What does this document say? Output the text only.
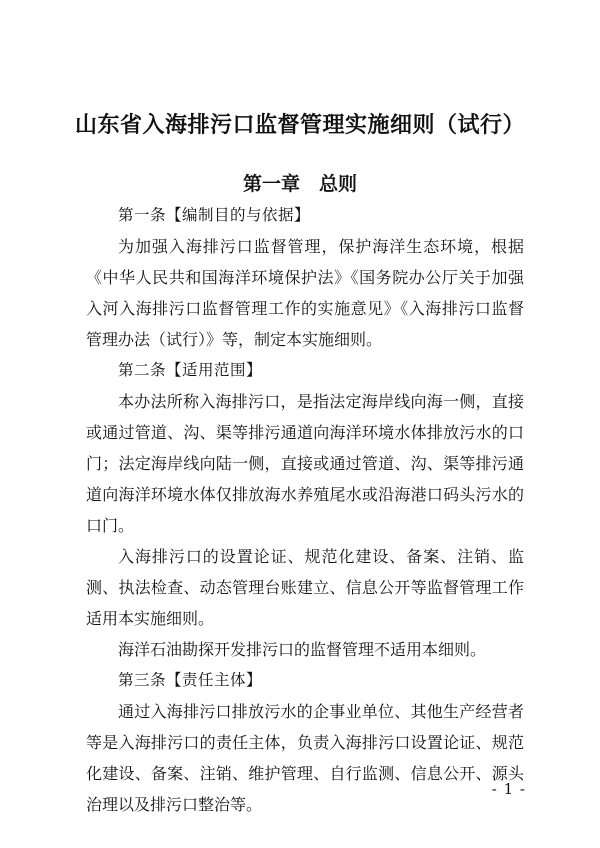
山东省入海排污口监督管理实施细则（试行）
第一章　总则

第一条【编制目的与依据】

为加强入海排污口监督管理，保护海洋生态环境，根据《中华人民共和国海洋环境保护法》《国务院办公厅关于加强入河入海排污口监督管理工作的实施意见》《入海排污口监督管理办法（试行）》等，制定本实施细则。

第二条【适用范围】

本办法所称入海排污口，是指法定海岸线向海一侧，直接或通过管道、沟、渠等排污通道向海洋环境水体排放污水的口门；法定海岸线向陆一侧，直接或通过管道、沟、渠等排污通道向海洋环境水体仅排放海水养殖尾水或沿海港口码头污水的口门。

入海排污口的设置论证、规范化建设、备案、注销、监测、执法检查、动态管理台账建立、信息公开等监督管理工作适用本实施细则。

海洋石油勘探开发排污口的监督管理不适用本细则。

第三条【责任主体】

通过入海排污口排放污水的企事业单位、其他生产经营者等是入海排污口的责任主体，负责入海排污口设置论证、规范化建设、备案、注销、维护管理、自行监测、信息公开、源头治理以及排污口整治等。

- 1 -
